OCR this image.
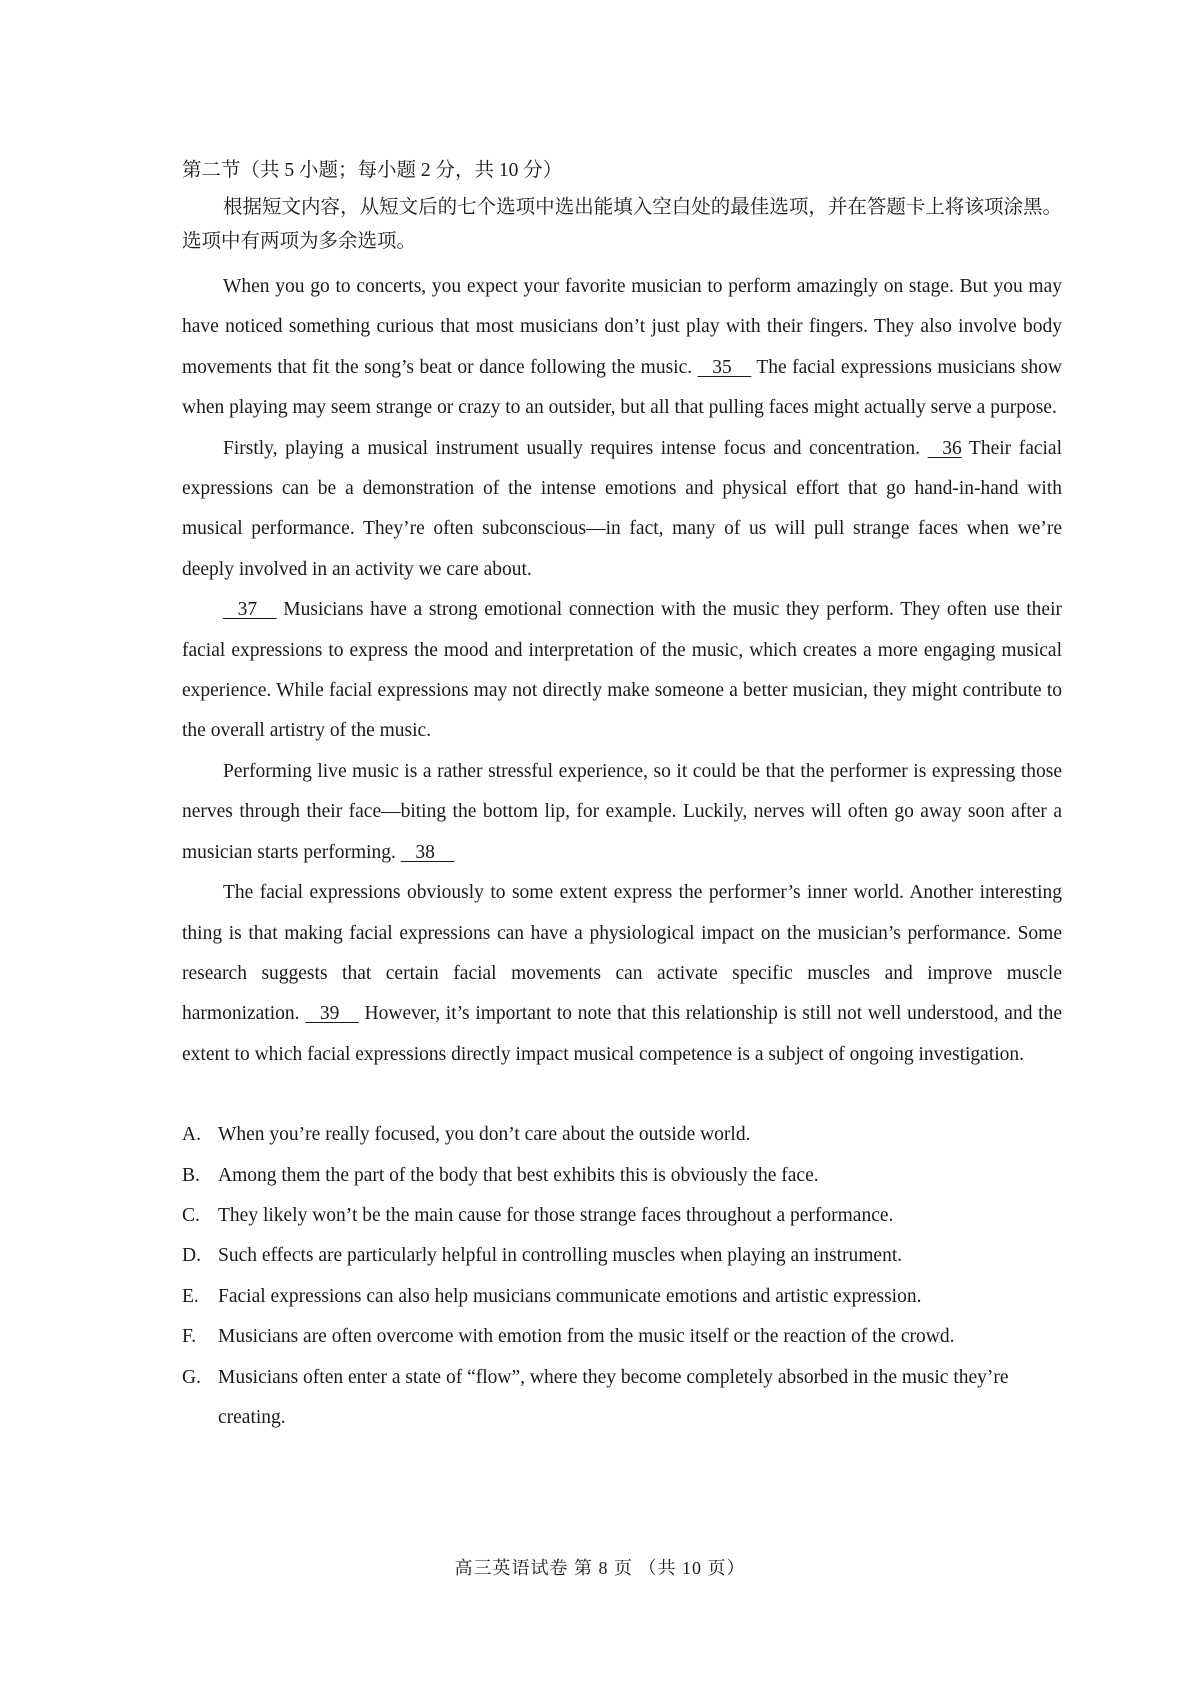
第二节（共 5 小题；每小题 2 分，共 10 分）

根据短文内容，从短文后的七个选项中选出能填入空白处的最佳选项，并在答题卡上将该项涂黑。选项中有两项为多余选项。

When you go to concerts, you expect your favorite musician to perform amazingly on stage. But you may have noticed something curious that most musicians don’t just play with their fingers. They also involve body movements that fit the song’s beat or dance following the music.    35     The facial expressions musicians show when playing may seem strange or crazy to an outsider, but all that pulling faces might actually serve a purpose.

Firstly, playing a musical instrument usually requires intense focus and concentration.    36 Their facial expressions can be a demonstration of the intense emotions and physical effort that go hand-in-hand with musical performance. They’re often subconscious—in fact, many of us will pull strange faces when we’re deeply involved in an activity we care about.

37     Musicians have a strong emotional connection with the music they perform. They often use their facial expressions to express the mood and interpretation of the music, which creates a more engaging musical experience. While facial expressions may not directly make someone a better musician, they might contribute to the overall artistry of the music.

Performing live music is a rather stressful experience, so it could be that the performer is expressing those nerves through their face—biting the bottom lip, for example. Luckily, nerves will often go away soon after a musician starts performing.    38

The facial expressions obviously to some extent express the performer’s inner world. Another interesting thing is that making facial expressions can have a physiological impact on the musician’s performance. Some research suggests that certain facial movements can activate specific muscles and improve muscle harmonization.    39     However, it’s important to note that this relationship is still not well understood, and the extent to which facial expressions directly impact musical competence is a subject of ongoing investigation.

A. When you’re really focused, you don’t care about the outside world.
B. Among them the part of the body that best exhibits this is obviously the face.
C. They likely won’t be the main cause for those strange faces throughout a performance.
D. Such effects are particularly helpful in controlling muscles when playing an instrument.
E. Facial expressions can also help musicians communicate emotions and artistic expression.
F.	Musicians are often overcome with emotion from the music itself or the reaction of the crowd.
G. Musicians often enter a state of “flow”, where they become completely absorbed in the music they’re creating.
高三英语试卷 第 8 页 （共 10 页）
